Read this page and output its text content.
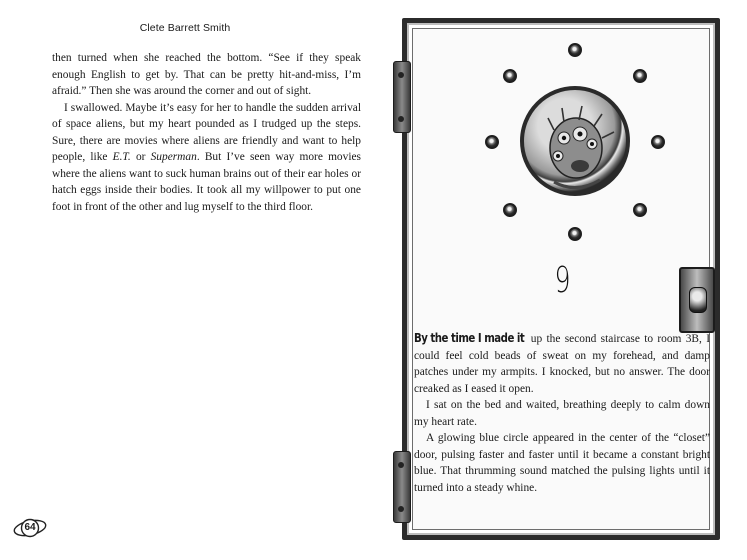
Clete Barrett Smith

then turned when she reached the bottom. “See if they speak enough English to get by. That can be pretty hit-and-miss, I’m afraid.” Then she was around the corner and out of sight.

I swallowed. Maybe it’s easy for her to handle the sudden arrival of space aliens, but my heart pounded as I trudged up the steps. Sure, there are movies where aliens are friendly and want to help people, like E.T. or Superman. But I’ve seen way more movies where the aliens want to suck human brains out of their ear holes or hatch eggs inside their bodies. It took all my willpower to put one foot in front of the other and lug myself to the third floor.

64
9

By the time I made it up the second staircase to room 3B, I could feel cold beads of sweat on my forehead, and damp patches under my armpits. I knocked, but no answer. The door creaked as I eased it open.

I sat on the bed and waited, breathing deeply to calm down my heart rate.

A glowing blue circle appeared in the center of the “closet” door, pulsing faster and faster until it became a constant bright blue. That thrumming sound matched the pulsing lights until it turned into a steady whine.
